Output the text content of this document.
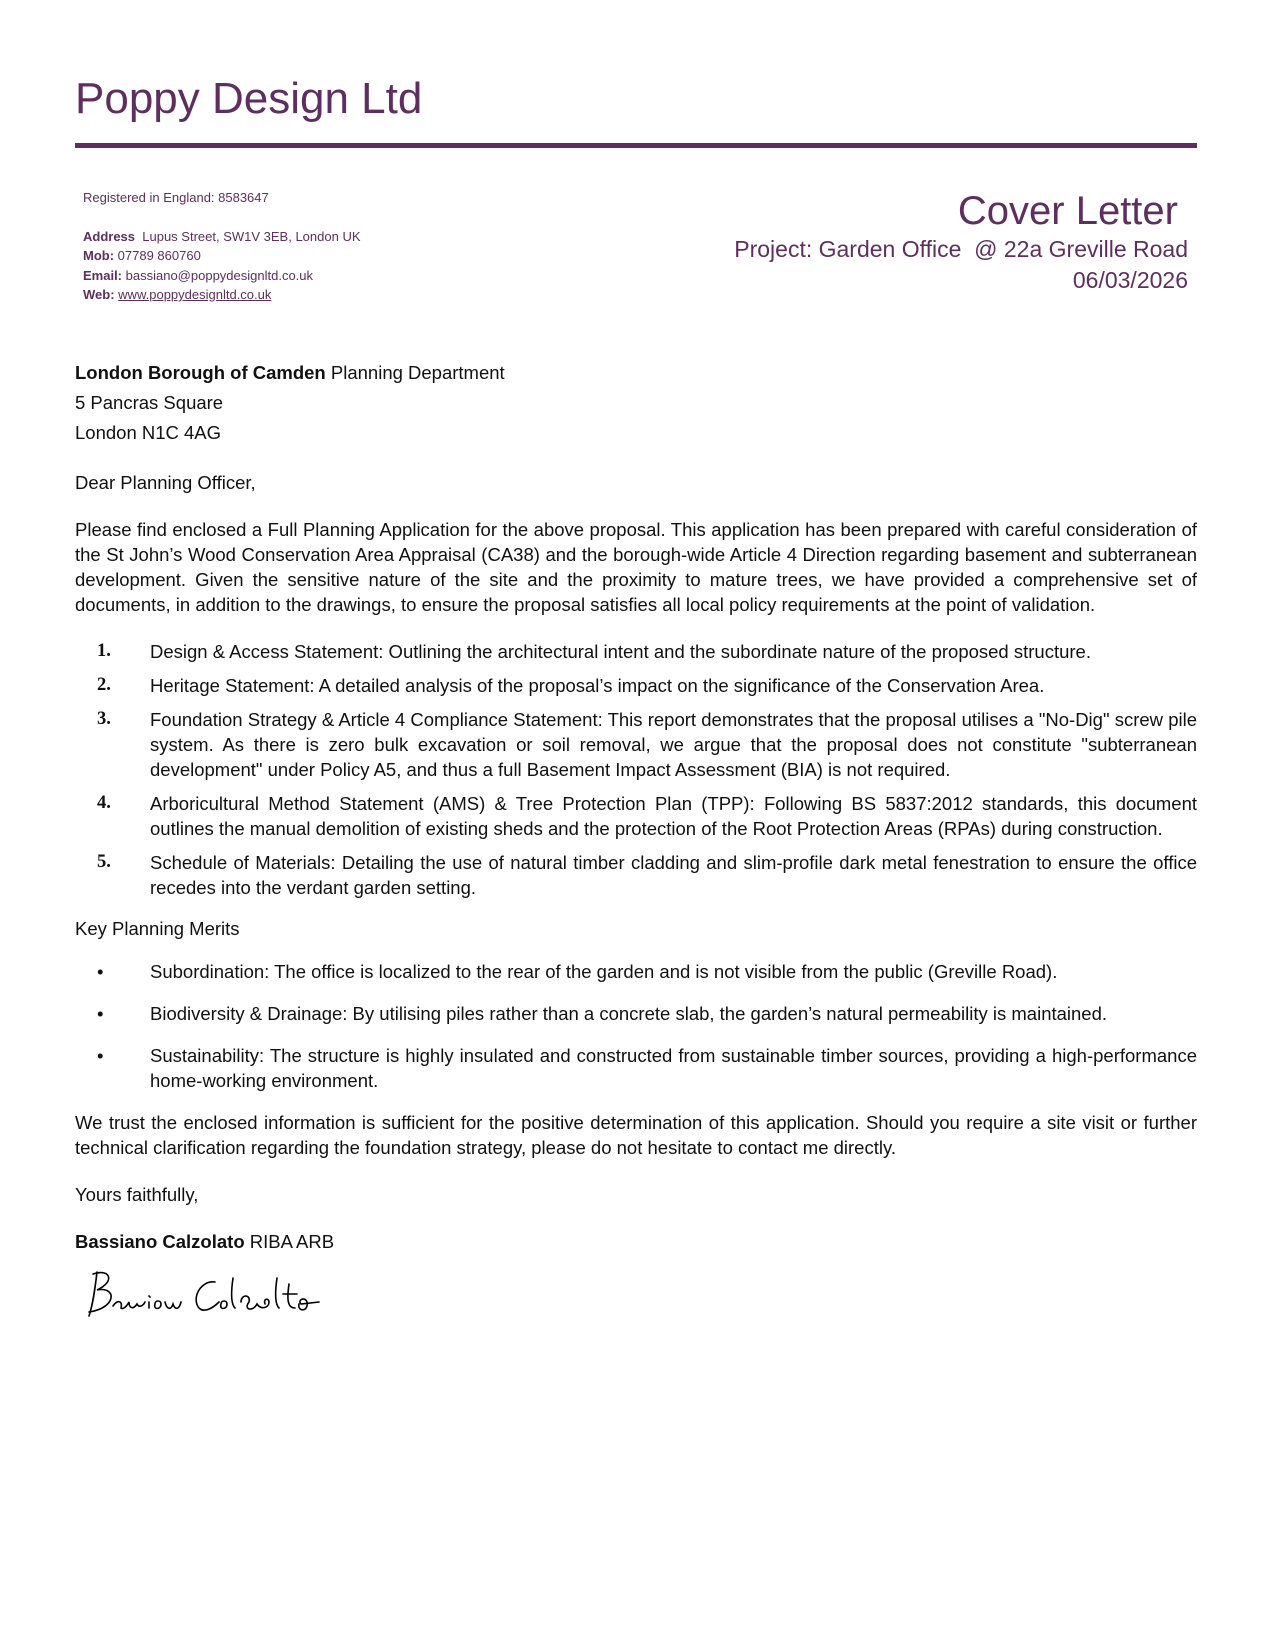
Poppy Design Ltd
Registered in England: 8583647
Address Lupus Street, SW1V 3EB, London UK
Mob: 07789 860760
Email: bassiano@poppydesignltd.co.uk
Web: www.poppydesignltd.co.uk
Cover Letter
Project: Garden Office  @ 22a Greville Road
06/03/2026
London Borough of Camden Planning Department
5 Pancras Square
London N1C 4AG

Dear Planning Officer,

Please find enclosed a Full Planning Application for the above proposal. This application has been prepared with careful consideration of the St John’s Wood Conservation Area Appraisal (CA38) and the borough-wide Article 4 Direction regarding basement and subterranean development. Given the sensitive nature of the site and the proximity to mature trees, we have provided a comprehensive set of documents, in addition to the drawings, to ensure the proposal satisfies all local policy requirements at the point of validation.

1.	Design & Access Statement: Outlining the architectural intent and the subordinate nature of the proposed structure.
2.	Heritage Statement: A detailed analysis of the proposal’s impact on the significance of the Conservation Area.
3.	Foundation Strategy & Article 4 Compliance Statement: This report demonstrates that the proposal utilises a "No-Dig" screw pile system. As there is zero bulk excavation or soil removal, we argue that the proposal does not constitute "subterranean development" under Policy A5, and thus a full Basement Impact Assessment (BIA) is not required.
4.	Arboricultural Method Statement (AMS) & Tree Protection Plan (TPP): Following BS 5837:2012 standards, this document outlines the manual demolition of existing sheds and the protection of the Root Protection Areas (RPAs) during construction.
5.	Schedule of Materials: Detailing the use of natural timber cladding and slim-profile dark metal fenestration to ensure the office recedes into the verdant garden setting.

Key Planning Merits

•	Subordination: The office is localized to the rear of the garden and is not visible from the public (Greville Road).
•	Biodiversity & Drainage: By utilising piles rather than a concrete slab, the garden’s natural permeability is maintained.
•	Sustainability: The structure is highly insulated and constructed from sustainable timber sources, providing a high-performance home-working environment.

We trust the enclosed information is sufficient for the positive determination of this application. Should you require a site visit or further technical clarification regarding the foundation strategy, please do not hesitate to contact me directly.

Yours faithfully,

Bassiano Calzolato RIBA ARB
